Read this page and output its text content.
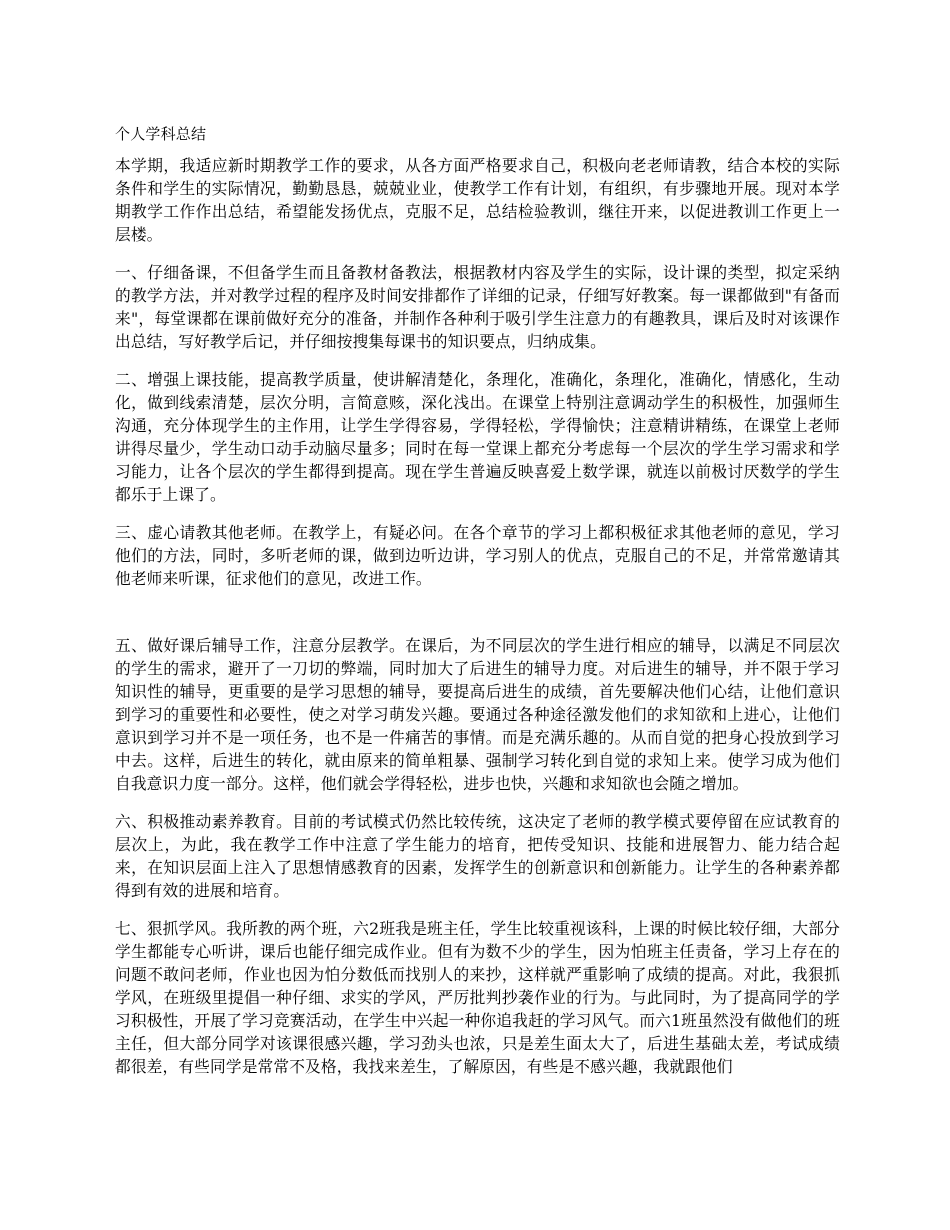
个人学科总结

本学期，我适应新时期教学工作的要求，从各方面严格要求自己，积极向老老师请教，结合本校的实际条件和学生的实际情况，勤勤恳恳，兢兢业业，使教学工作有计划，有组织，有步骤地开展。现对本学期教学工作作出总结，希望能发扬优点，克服不足，总结检验教训，继往开来，以促进教训工作更上一层楼。

一、仔细备课，不但备学生而且备教材备教法，根据教材内容及学生的实际，设计课的类型，拟定采纳的教学方法，并对教学过程的程序及时间安排都作了详细的记录，仔细写好教案。每一课都做到"有备而来"，每堂课都在课前做好充分的准备，并制作各种利于吸引学生注意力的有趣教具，课后及时对该课作出总结，写好教学后记，并仔细按搜集每课书的知识要点，归纳成集。

二、增强上课技能，提高教学质量，使讲解清楚化，条理化，准确化，条理化，准确化，情感化，生动化，做到线索清楚，层次分明，言简意赅，深化浅出。在课堂上特别注意调动学生的积极性，加强师生沟通，充分体现学生的主作用，让学生学得容易，学得轻松，学得愉快；注意精讲精练，在课堂上老师讲得尽量少，学生动口动手动脑尽量多；同时在每一堂课上都充分考虑每一个层次的学生学习需求和学习能力，让各个层次的学生都得到提高。现在学生普遍反映喜爱上数学课，就连以前极讨厌数学的学生都乐于上课了。

三、虚心请教其他老师。在教学上，有疑必问。在各个章节的学习上都积极征求其他老师的意见，学习他们的方法，同时，多听老师的课，做到边听边讲，学习别人的优点，克服自己的不足，并常常邀请其他老师来听课，征求他们的意见，改进工作。

五、做好课后辅导工作，注意分层教学。在课后，为不同层次的学生进行相应的辅导，以满足不同层次的学生的需求，避开了一刀切的弊端，同时加大了后进生的辅导力度。对后进生的辅导，并不限于学习知识性的辅导，更重要的是学习思想的辅导，要提高后进生的成绩，首先要解决他们心结，让他们意识到学习的重要性和必要性，使之对学习萌发兴趣。要通过各种途径激发他们的求知欲和上进心，让他们意识到学习并不是一项任务，也不是一件痛苦的事情。而是充满乐趣的。从而自觉的把身心投放到学习中去。这样，后进生的转化，就由原来的简单粗暴、强制学习转化到自觉的求知上来。使学习成为他们自我意识力度一部分。这样，他们就会学得轻松，进步也快，兴趣和求知欲也会随之增加。

六、积极推动素养教育。目前的考试模式仍然比较传统，这决定了老师的教学模式要停留在应试教育的层次上，为此，我在教学工作中注意了学生能力的培育，把传受知识、技能和进展智力、能力结合起来，在知识层面上注入了思想情感教育的因素，发挥学生的创新意识和创新能力。让学生的各种素养都得到有效的进展和培育。

七、狠抓学风。我所教的两个班，六2班我是班主任，学生比较重视该科，上课的时候比较仔细，大部分学生都能专心听讲，课后也能仔细完成作业。但有为数不少的学生，因为怕班主任责备，学习上存在的问题不敢问老师，作业也因为怕分数低而找别人的来抄，这样就严重影响了成绩的提高。对此，我狠抓学风，在班级里提倡一种仔细、求实的学风，严厉批判抄袭作业的行为。与此同时，为了提高同学的学习积极性，开展了学习竞赛活动，在学生中兴起一种你追我赶的学习风气。而六1班虽然没有做他们的班主任，但大部分同学对该课很感兴趣，学习劲头也浓，只是差生面太大了，后进生基础太差，考试成绩都很差，有些同学是常常不及格，我找来差生，了解原因，有些是不感兴趣，我就跟他们
